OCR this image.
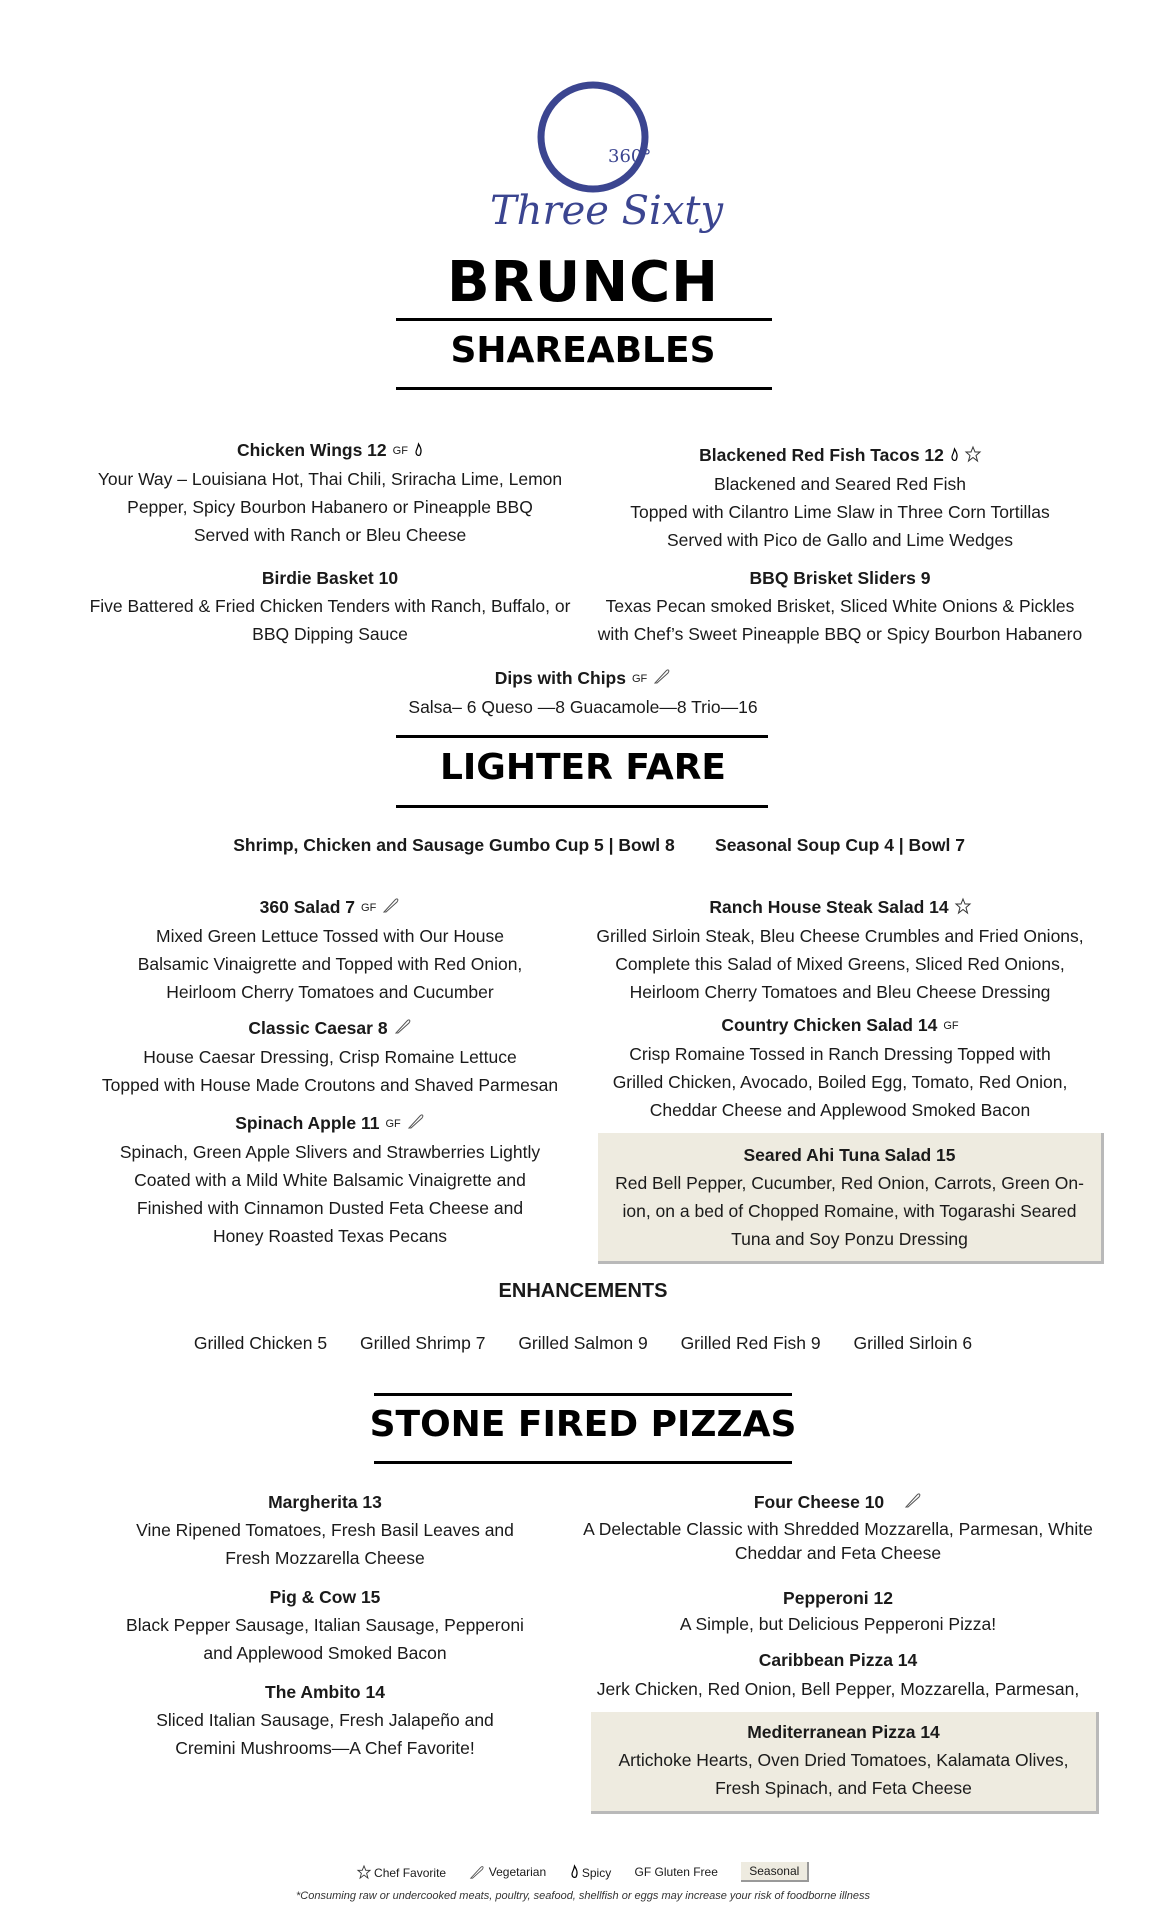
360°
Three Sixty
BRUNCH
SHAREABLES
Chicken Wings 12 GF
Your Way – Louisiana Hot, Thai Chili, Sriracha Lime, Lemon
Pepper, Spicy Bourbon Habanero or Pineapple BBQ
Served with Ranch or Bleu Cheese
Birdie Basket 10
Five Battered & Fried Chicken Tenders with Ranch, Buffalo, or
BBQ Dipping Sauce
Blackened Red Fish Tacos 12
Blackened and Seared Red Fish
Topped with Cilantro Lime Slaw in Three Corn Tortillas
Served with Pico de Gallo and Lime Wedges
BBQ Brisket Sliders 9
Texas Pecan smoked Brisket, Sliced White Onions & Pickles
with Chef’s Sweet Pineapple BBQ or Spicy Bourbon Habanero
Dips with Chips GF
Salsa– 6 Queso —8 Guacamole—8 Trio—16
LIGHTER FARE
Shrimp, Chicken and Sausage Gumbo Cup 5 | Bowl 8	Seasonal Soup Cup 4 | Bowl 7
360 Salad 7 GF
Mixed Green Lettuce Tossed with Our House
Balsamic Vinaigrette and Topped with Red Onion,
Heirloom Cherry Tomatoes and Cucumber
Classic Caesar 8
House Caesar Dressing, Crisp Romaine Lettuce
Topped with House Made Croutons and Shaved Parmesan
Spinach Apple 11 GF
Spinach, Green Apple Slivers and Strawberries Lightly
Coated with a Mild White Balsamic Vinaigrette and
Finished with Cinnamon Dusted Feta Cheese and
Honey Roasted Texas Pecans
Ranch House Steak Salad 14
Grilled Sirloin Steak, Bleu Cheese Crumbles and Fried Onions,
Complete this Salad of Mixed Greens, Sliced Red Onions,
Heirloom Cherry Tomatoes and Bleu Cheese Dressing
Country Chicken Salad 14 GF
Crisp Romaine Tossed in Ranch Dressing Topped with
Grilled Chicken, Avocado, Boiled Egg, Tomato, Red Onion,
Cheddar Cheese and Applewood Smoked Bacon
Seared Ahi Tuna Salad 15
Red Bell Pepper, Cucumber, Red Onion, Carrots, Green On-
ion, on a bed of Chopped Romaine, with Togarashi Seared
Tuna and Soy Ponzu Dressing
ENHANCEMENTS
Grilled Chicken 5 Grilled Shrimp 7 Grilled Salmon 9 Grilled Red Fish 9 Grilled Sirloin 6
STONE FIRED PIZZAS
Margherita 13
Vine Ripened Tomatoes, Fresh Basil Leaves and
Fresh Mozzarella Cheese
Pig & Cow 15
Black Pepper Sausage, Italian Sausage, Pepperoni
and Applewood Smoked Bacon
The Ambito 14
Sliced Italian Sausage, Fresh Jalapeño and
Cremini Mushrooms—A Chef Favorite!
Four Cheese 10
A Delectable Classic with Shredded Mozzarella, Parmesan, White
Cheddar and Feta Cheese
Pepperoni 12
A Simple, but Delicious Pepperoni Pizza!
Caribbean Pizza 14
Jerk Chicken, Red Onion, Bell Pepper, Mozzarella, Parmesan,
Mediterranean Pizza 14
Artichoke Hearts, Oven Dried Tomatoes, Kalamata Olives,
Fresh Spinach, and Feta Cheese
Chef Favorite	Vegetarian	Spicy GF Gluten Free	Seasonal
*Consuming raw or undercooked meats, poultry, seafood, shellfish or eggs may increase your risk of foodborne illness
